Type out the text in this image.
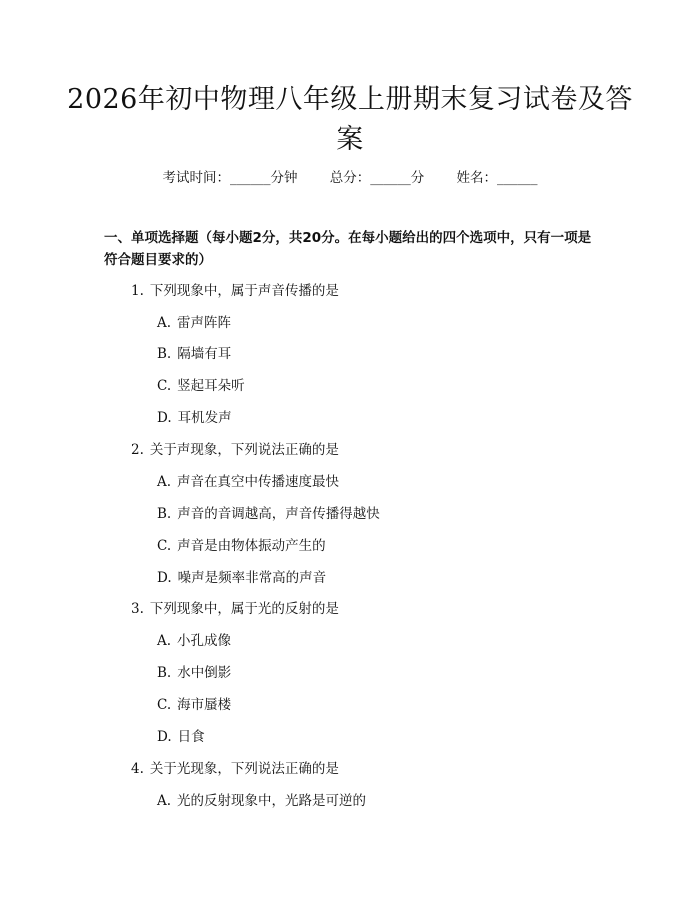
2026年初中物理八年级上册期末复习试卷及答案
考试时间：______分钟 总分：______分 姓名：______
一、单项选择题（每小题2分，共20分。在每小题给出的四个选项中，只有一项是符合题目要求的）
1. 下列现象中，属于声音传播的是
A. 雷声阵阵
B. 隔墙有耳
C. 竖起耳朵听
D. 耳机发声
2. 关于声现象，下列说法正确的是
A. 声音在真空中传播速度最快
B. 声音的音调越高，声音传播得越快
C. 声音是由物体振动产生的
D. 噪声是频率非常高的声音
3. 下列现象中，属于光的反射的是
A. 小孔成像
B. 水中倒影
C. 海市蜃楼
D. 日食
4. 关于光现象，下列说法正确的是
A. 光的反射现象中，光路是可逆的
